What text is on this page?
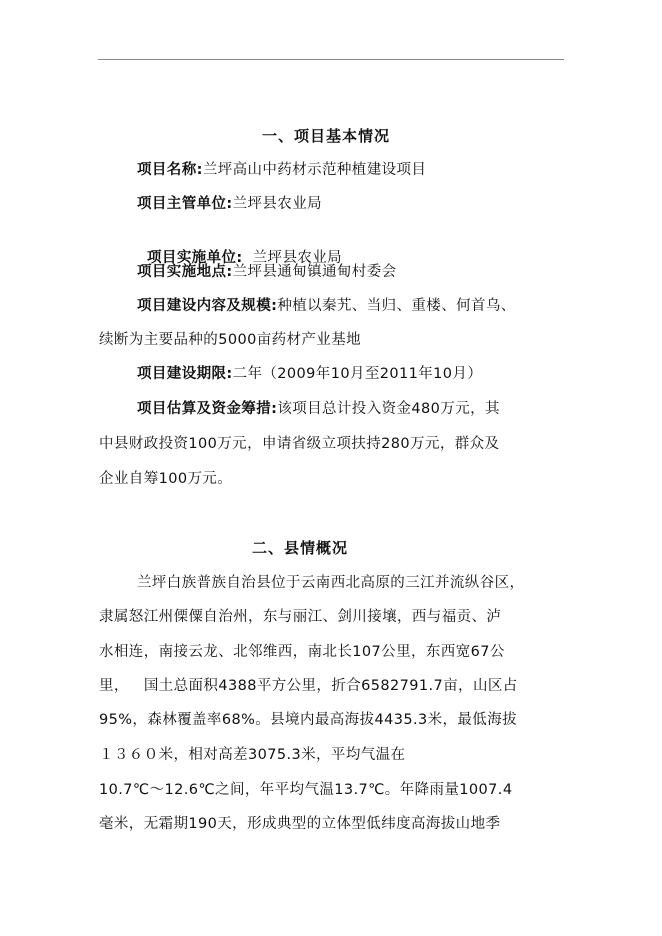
一、项目基本情况
项目名称:兰坪高山中药材示范种植建设项目
项目主管单位:兰坪县农业局

项目实施单位:  兰坪县农业局

项目实施地点:兰坪县通甸镇通甸村委会
项目建设内容及规模:种植以秦艽、当归、重楼、何首乌、
续断为主要品种的5000亩药材产业基地
项目建设期限:二年（2009年10月至2011年10月）
项目估算及资金筹措:该项目总计投入资金480万元，其
中县财政投资100万元，申请省级立项扶持280万元，群众及
企业自筹100万元。
二、县情概况
兰坪白族普族自治县位于云南西北高原的三江并流纵谷区，
隶属怒江州傈僳自治州，东与丽江、剑川接壤，西与福贡、泸
水相连，南接云龙、北邻维西，南北长107公里，东西宽67公
里，   国土总面积4388平方公里，折合6582791.7亩，山区占
95%，森林覆盖率68%。县境内最高海拔4435.3米，最低海拔
１３６０米，相对高差3075.3米，平均气温在
10.7℃～12.6℃之间，年平均气温13.7℃。年降雨量1007.4
毫米，无霜期190天，形成典型的立体型低纬度高海拔山地季
